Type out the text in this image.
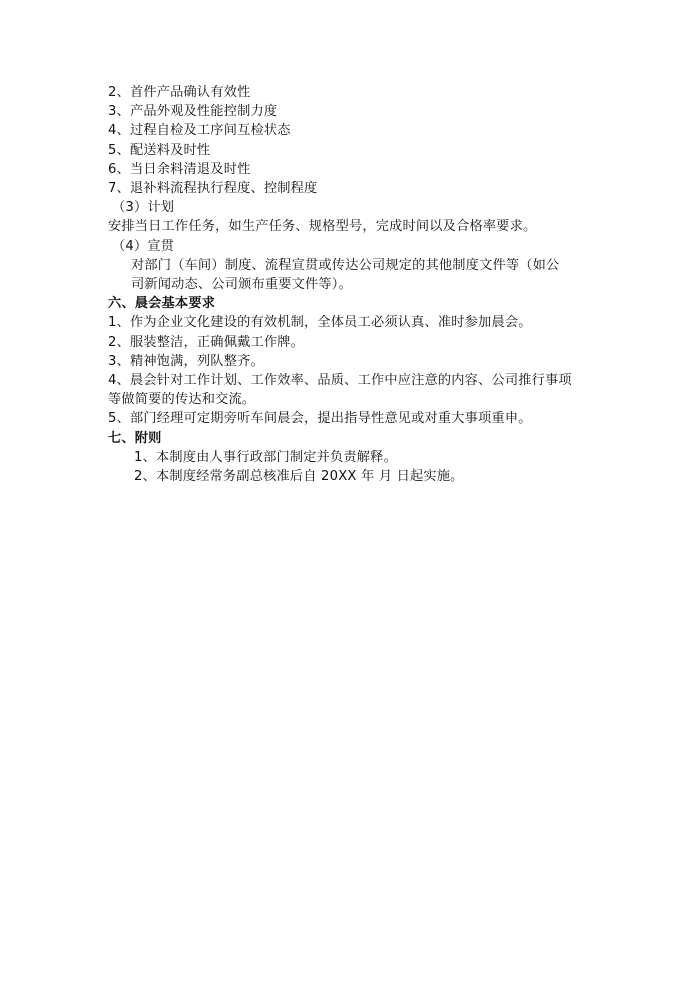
2、首件产品确认有效性
3、产品外观及性能控制力度
4、过程自检及工序间互检状态
5、配送料及时性
6、当日余料清退及时性
7、退补料流程执行程度、控制程度
（3）计划
安排当日工作任务，如生产任务、规格型号，完成时间以及合格率要求。
（4）宣贯
对部门（车间）制度、流程宣贯或传达公司规定的其他制度文件等（如公
司新闻动态、公司颁布重要文件等）。
六、晨会基本要求
1、作为企业文化建设的有效机制，全体员工必须认真、准时参加晨会。
2、服装整洁，正确佩戴工作牌。
3、精神饱满，列队整齐。
4、晨会针对工作计划、工作效率、品质、工作中应注意的内容、公司推行事项
等做简要的传达和交流。
5、部门经理可定期旁听车间晨会，提出指导性意见或对重大事项重申。
七、附则
1、本制度由人事行政部门制定并负责解释。
2、本制度经常务副总核准后自 20XX 年 月 日起实施。
